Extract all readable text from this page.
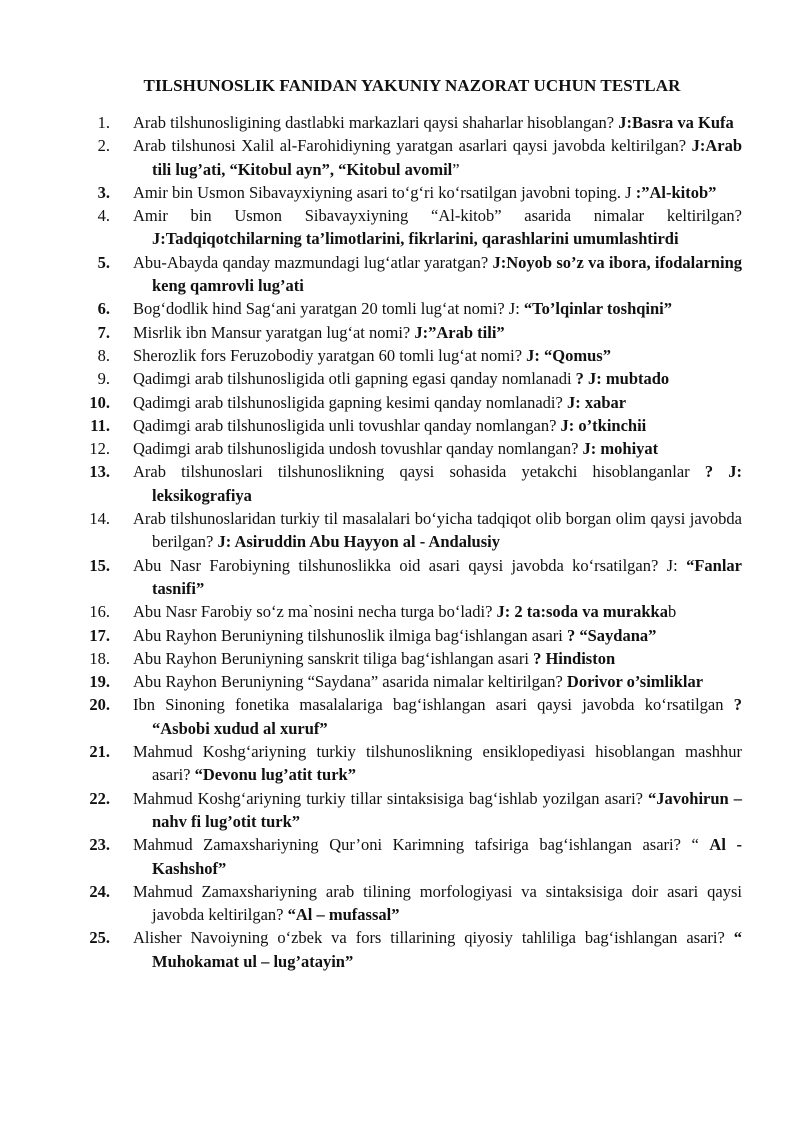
TILSHUNOSLIK FANIDAN YAKUNIY NAZORAT UCHUN TESTLAR
1. Arab tilshunosligining dastlabki markazlari qaysi shaharlar hisoblangan? J:Basra va Kufa
2. Arab tilshunosi Xalil al-Farohidiyning yaratgan asarlari qaysi javobda keltirilgan? J:Arab tili lug’ati, “Kitobul ayn”, “Kitobul avomil”
3. Amir bin Usmon Sibavayxiyning asari to‘g‘ri ko‘rsatilgan javobni toping. J :”Al-kitob”
4. Amir bin Usmon Sibavayxiyning “Al-kitob” asarida nimalar keltirilgan? J:Tadqiqotchilarning ta’limotlarini, fikrlarini, qarashlarini umumlashtirdi
5. Abu-Abayda qanday mazmundagi lug‘atlar yaratgan? J:Noyob so’z va ibora, ifodalarning keng qamrovli lug’ati
6. Bog‘dodlik hind Sag‘ani yaratgan 20 tomli lug‘at nomi? J: “To’lqinlar toshqini”
7. Misrlik ibn Mansur yaratgan lug‘at nomi? J:”Arab tili”
8. Sherozlik fors Feruzobodiy yaratgan 60 tomli lug‘at nomi? J: “Qomus”
9. Qadimgi arab tilshunosligida otli gapning egasi qanday nomlanadi ? J: mubtado
10. Qadimgi arab tilshunosligida gapning kesimi qanday nomlanadi? J: xabar
11. Qadimgi arab tilshunosligida unli tovushlar qanday nomlangan? J: o’tkinchii
12. Qadimgi arab tilshunosligida undosh tovushlar qanday nomlangan? J: mohiyat
13. Arab tilshunoslari tilshunoslikning qaysi sohasida yetakchi hisoblanganlar ? J: leksikografiya
14. Arab tilshunoslaridan turkiy til masalalari bo‘yicha tadqiqot olib borgan olim qaysi javobda berilgan? J: Asiruddin Abu Hayyon al - Andalusiy
15. Abu Nasr Farobiyning tilshunoslikka oid asari qaysi javobda ko‘rsatilgan? J: “Fanlar tasnifi”
16. Abu Nasr Farobiy so‘z ma`nosini necha turga bo‘ladi? J: 2 ta:soda va murakkab
17. Abu Rayhon Beruniyning tilshunoslik ilmiga bag‘ishlangan asari ? “Saydana”
18. Abu Rayhon Beruniyning sanskrit tiliga bag‘ishlangan asari ? Hindiston
19. Abu Rayhon Beruniyning “Saydana” asarida nimalar keltirilgan? Dorivor o’simliklar
20. Ibn Sinoning fonetika masalalariga bag‘ishlangan asari qaysi javobda ko‘rsatilgan ? “Asbobi xudud al xuruf”
21. Mahmud Koshg‘ariyning turkiy tilshunoslikning ensiklopediyasi hisoblangan mashhur asari? “Devonu lug’atit turk”
22. Mahmud Koshg‘ariyning turkiy tillar sintaksisiga bag‘ishlab yozilgan asari? “Javohirun – nahv fi lug’otit turk”
23. Mahmud Zamaxshariyning Qur’oni Karimning tafsiriga bag‘ishlangan asari? “ Al - Kashshof”
24. Mahmud Zamaxshariyning arab tilining morfologiyasi va sintaksisiga doir asari qaysi javobda keltirilgan? “Al – mufassal”
25. Alisher Navoiyning o‘zbek va fors tillarining qiyosiy tahliliga bag‘ishlangan asari? “ Muhokamat ul – lug’atayin”
